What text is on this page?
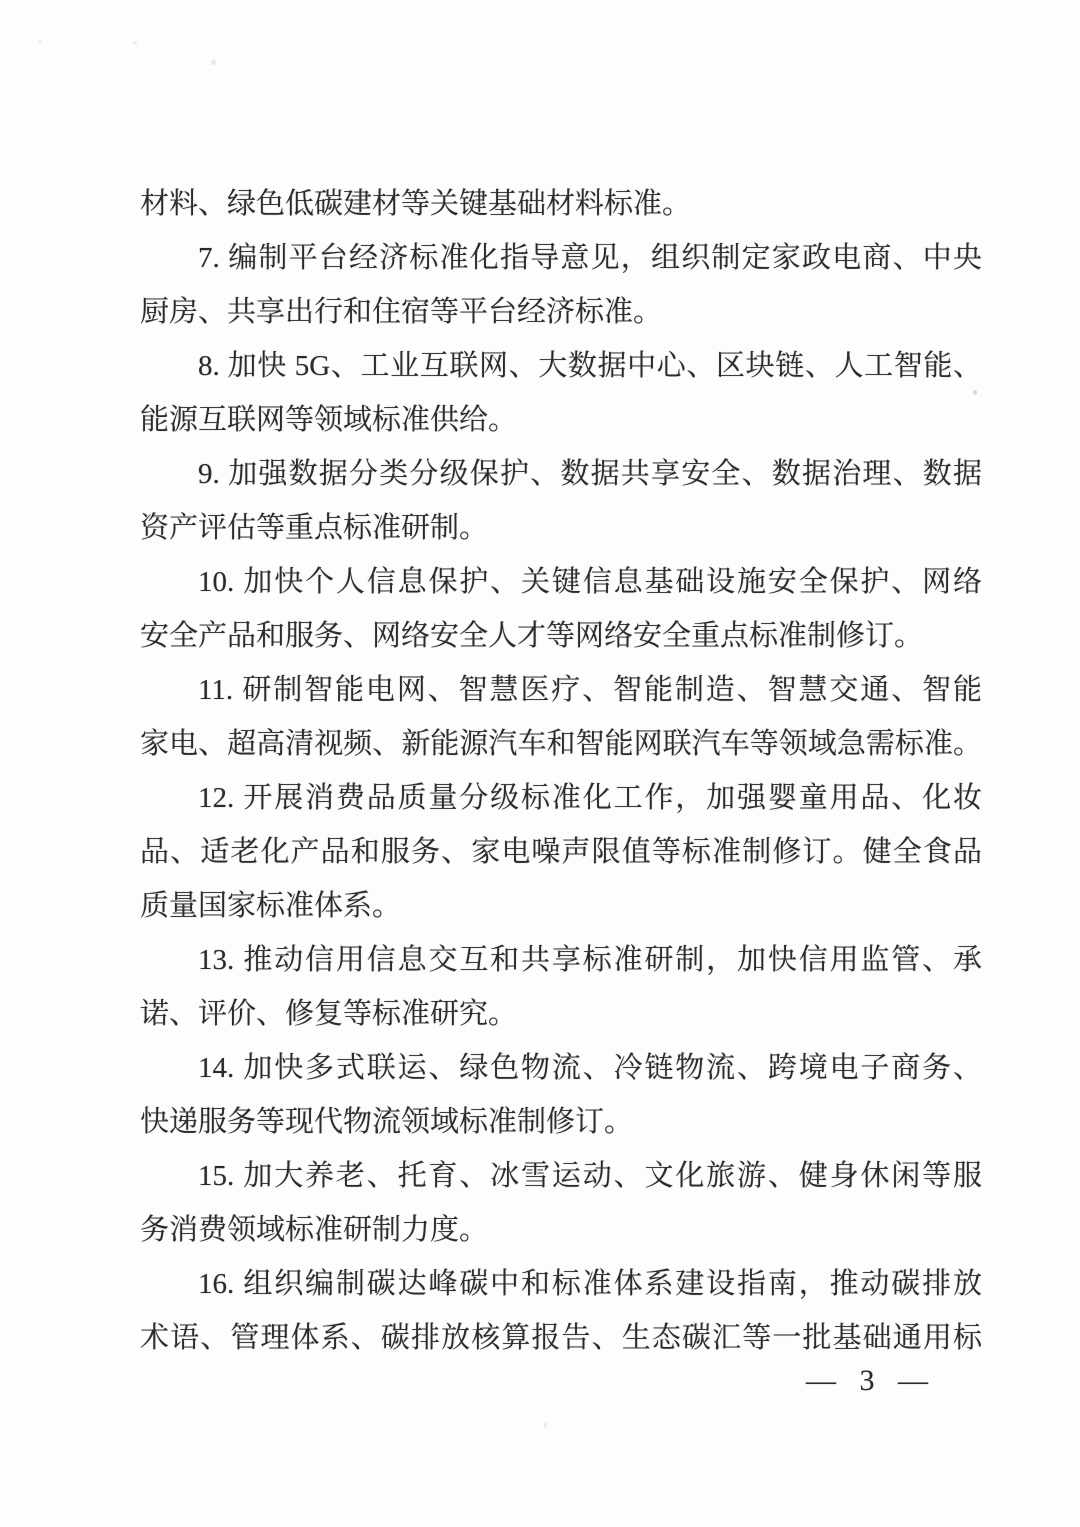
材料、绿色低碳建材等关键基础材料标准。
7. 编制平台经济标准化指导意见，组织制定家政电商、中央
厨房、共享出行和住宿等平台经济标准。
8. 加快 5G、工业互联网、大数据中心、区块链、人工智能、
能源互联网等领域标准供给。
9. 加强数据分类分级保护、数据共享安全、数据治理、数据
资产评估等重点标准研制。
10. 加快个人信息保护、关键信息基础设施安全保护、网络
安全产品和服务、网络安全人才等网络安全重点标准制修订。
11. 研制智能电网、智慧医疗、智能制造、智慧交通、智能
家电、超高清视频、新能源汽车和智能网联汽车等领域急需标准。
12. 开展消费品质量分级标准化工作，加强婴童用品、化妆
品、适老化产品和服务、家电噪声限值等标准制修订。健全食品
质量国家标准体系。
13. 推动信用信息交互和共享标准研制，加快信用监管、承
诺、评价、修复等标准研究。
14. 加快多式联运、绿色物流、冷链物流、跨境电子商务、
快递服务等现代物流领域标准制修订。
15. 加大养老、托育、冰雪运动、文化旅游、健身休闲等服
务消费领域标准研制力度。
16. 组织编制碳达峰碳中和标准体系建设指南，推动碳排放
术语、管理体系、碳排放核算报告、生态碳汇等一批基础通用标
— 3 —
